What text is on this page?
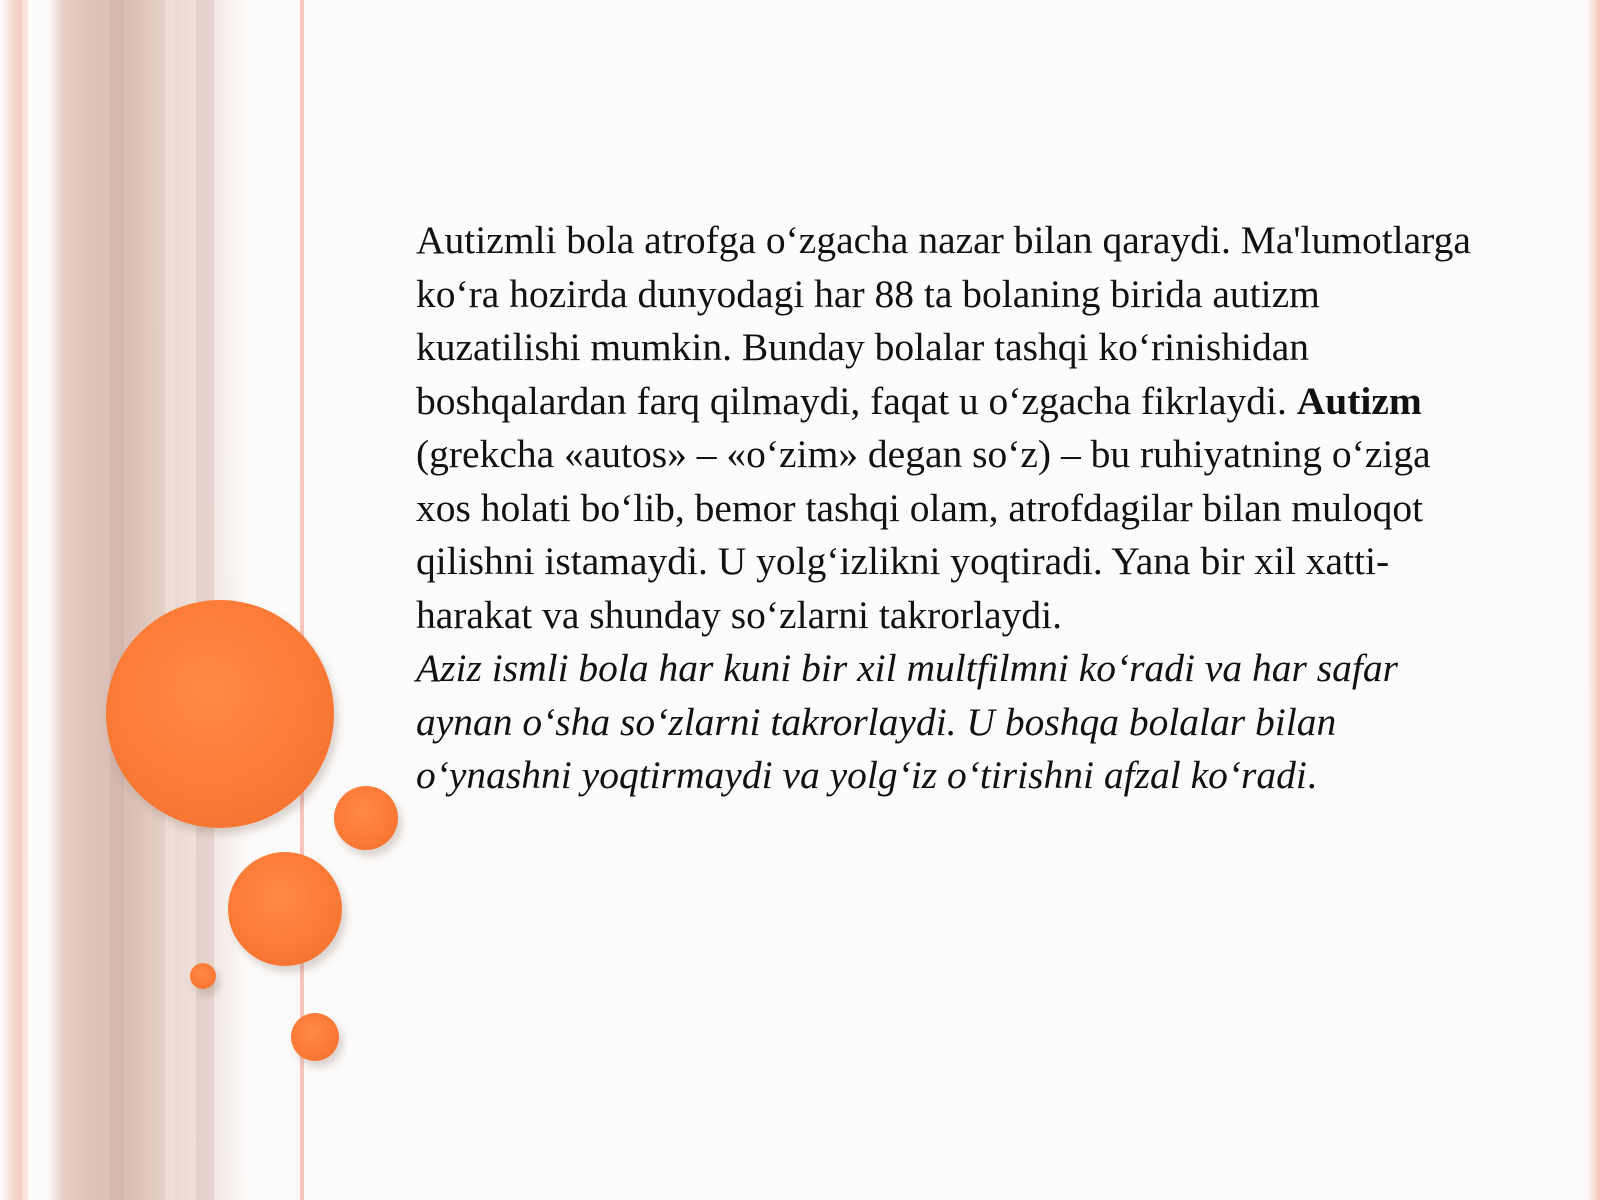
Autizmli bola atrofga o‘zgacha nazar bilan qaraydi. Ma'lumotlarga ko‘ra hozirda dunyodagi har 88 ta bolaning birida autizm kuzatilishi mumkin. Bunday bolalar tashqi ko‘rinishidan boshqalardan farq qilmaydi, faqat u o‘zgacha fikrlaydi. Autizm (grekcha «autos» – «o‘zim» degan so‘z) – bu ruhiyatning o‘ziga xos holati bo‘lib, bemor tashqi olam, atrofdagilar bilan muloqot qilishni istamaydi. U yolg‘izlikni yoqtiradi. Yana bir xil xatti-harakat va shunday so‘zlarni takrorlaydi.

Aziz ismli bola har kuni bir xil multfilmni ko‘radi va har safar aynan o‘sha so‘zlarni takrorlaydi. U boshqa bolalar bilan o‘ynashni yoqtirmaydi va yolg‘iz o‘tirishni afzal ko‘radi.
